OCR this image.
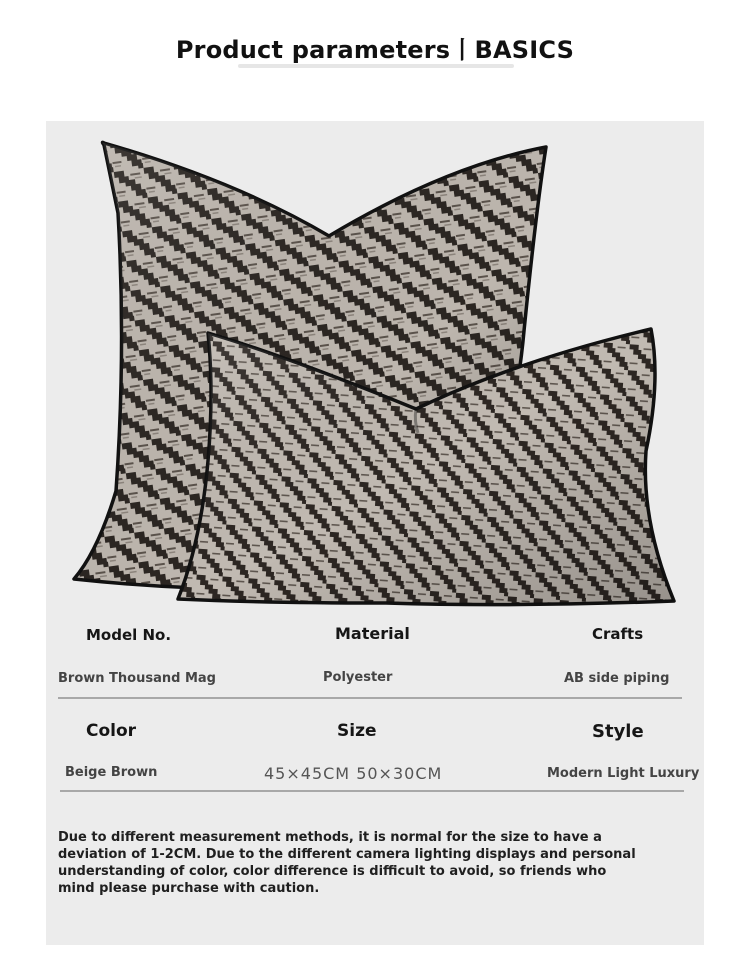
Product parameters丨BASICS
Model No.	Material	Crafts
Brown Thousand Mag	Polyester	AB side piping
Color	Size	Style
Beige Brown	45×45CM 50×30CM	Modern Light Luxury
Due to different measurement methods, it is normal for the size to have a deviation of 1-2CM. Due to the different camera lighting displays and personal understanding of color, color difference is difficult to avoid, so friends who mind please purchase with caution.
